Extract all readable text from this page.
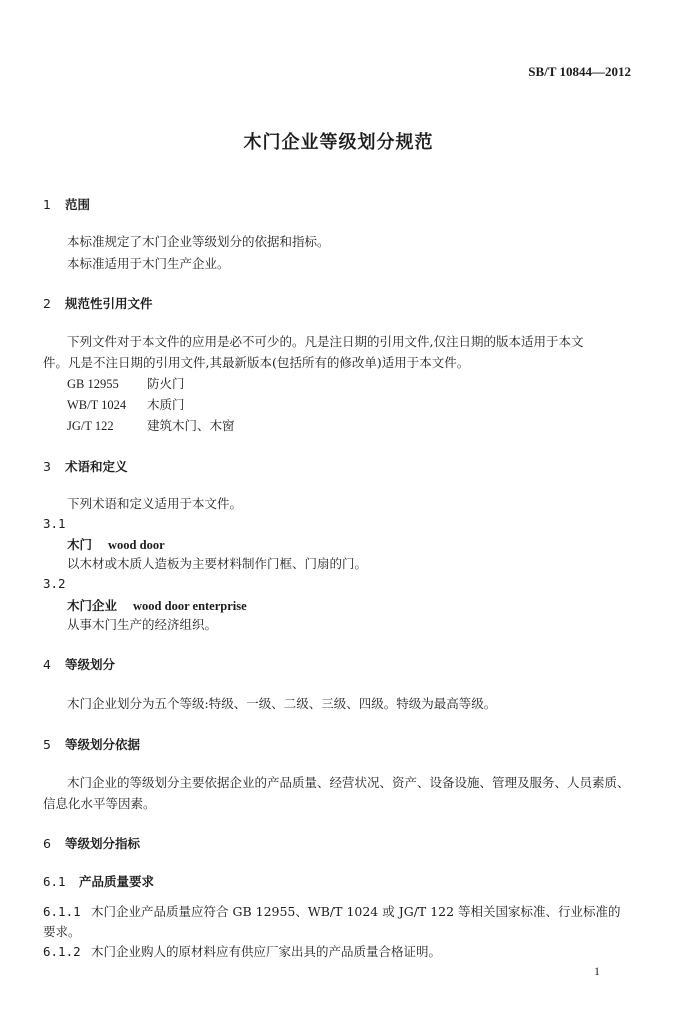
SB/T 10844—2012
木门企业等级划分规范
1 范围
本标准规定了木门企业等级划分的依据和指标。
本标准适用于木门生产企业。
2 规范性引用文件
下列文件对于本文件的应用是必不可少的。凡是注日期的引用文件,仅注日期的版本适用于本文
件。凡是不注日期的引用文件,其最新版本(包括所有的修改单)适用于本文件。
GB 12955 防火门
WB/T 1024 木质门
JG/T 122	建筑木门、木窗
3 术语和定义
下列术语和定义适用于本文件。
3.1
木门 wood door
以木材或木质人造板为主要材料制作门框、门扇的门。
3.2
木门企业 wood door enterprise
从事木门生产的经济组织。
4 等级划分
木门企业划分为五个等级:特级、一级、二级、三级、四级。特级为最高等级。
5 等级划分依据
木门企业的等级划分主要依据企业的产品质量、经营状况、资产、设备设施、管理及服务、人员素质、
信息化水平等因素。
6 等级划分指标
6.1 产品质量要求
6.1.1 木门企业产品质量应符合 GB 12955、WB/T 1024 或 JG/T 122 等相关国家标准、行业标准的
要求。
6.1.2 木门企业购人的原材料应有供应厂家出具的产品质量合格证明。
1
